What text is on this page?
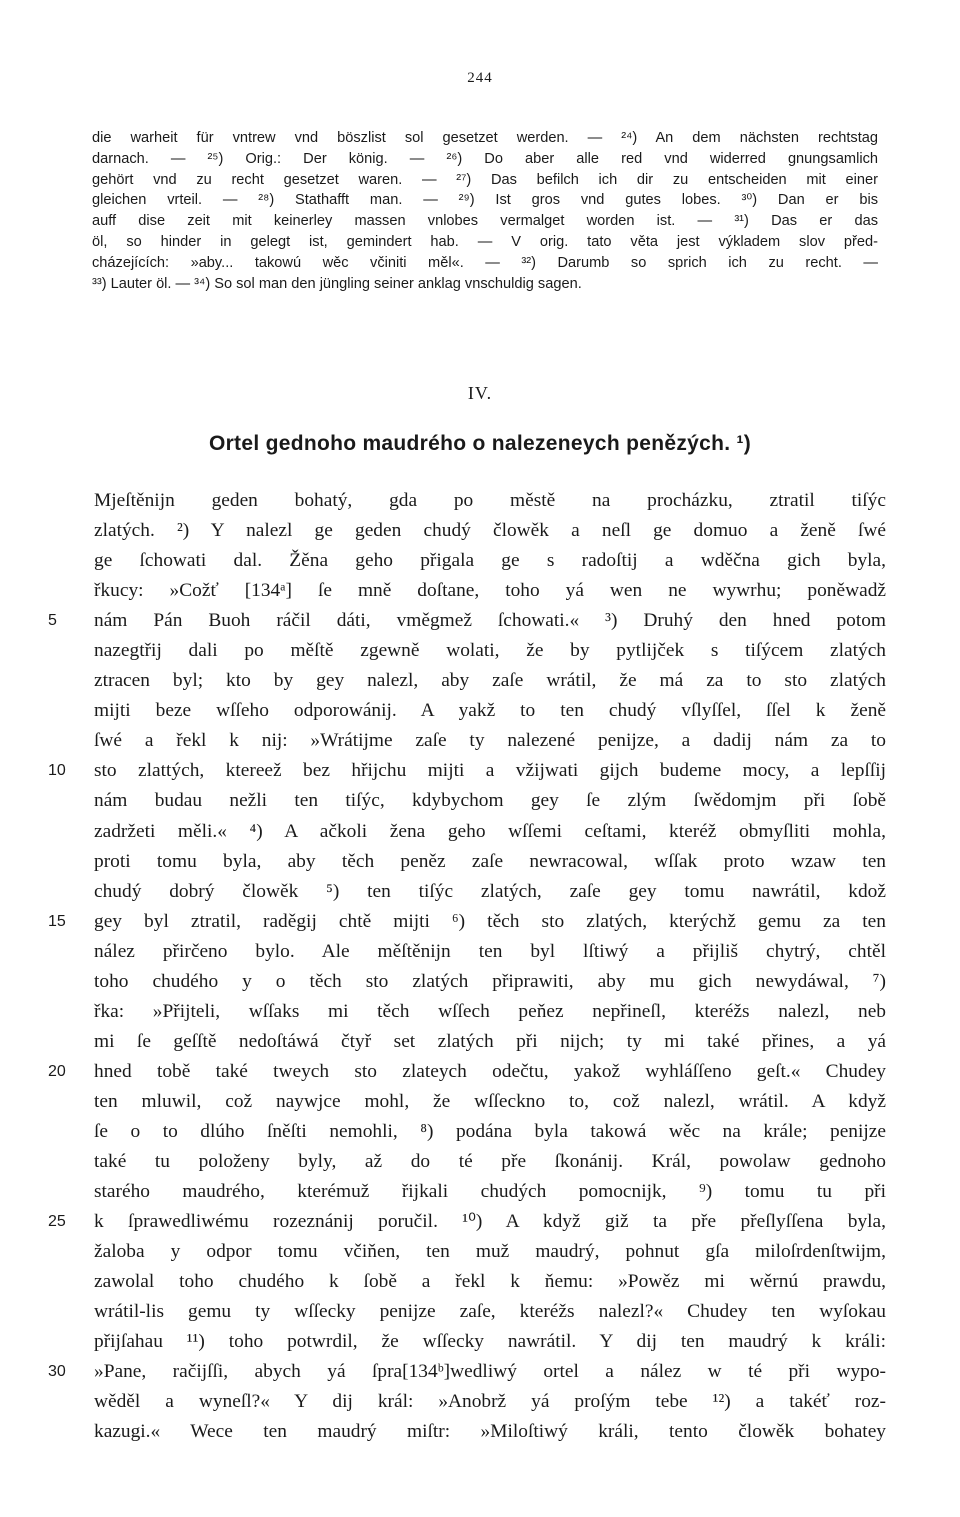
244
die warheit für vntrew vnd böszlist sol gesetzet werden. — ²⁴) An dem nächsten rechtstag
darnach. — ²⁵) Orig.: Der könig. — ²⁶) Do aber alle red vnd widerred gnungsamlich
gehört vnd zu recht gesetzet waren. — ²⁷) Das befilch ich dir zu entscheiden mit einer
gleichen vrteil. — ²⁸) Stathafft man. — ²⁹) Ist gros vnd gutes lobes. ³⁰) Dan er bis
auff dise zeit mit keinerley massen vnlobes vermalget worden ist. — ³¹) Das er das
öl, so hinder in gelegt ist, gemindert hab. — V orig. tato věta jest výkladem slov před-
cházejících: »aby... takowú wěc včiniti měl«. — ³²) Darumb so sprich ich zu recht. —
³³) Lauter öl. — ³⁴) So sol man den jüngling seiner anklag vnschuldig sagen.
IV.
Ortel gednoho maudrého o nalezeneych penězých. ¹)
Mjeſtěnijn geden bohatý, gda po městě na procházku, ztratil tiſýc
zlatých. ²) Y nalezl ge geden chudý člowěk a neſl ge domuo a ženě ſwé
ge ſchowati dal. Žěna geho přigala ge s radoſtij a wděčna gich byla,
řkucy: »Cožť [134ᵃ] ſe mně doſtane, toho yá wen ne wywrhu; poněwadž
5	nám Pán Buoh ráčil dáti, vměgmež ſchowati.« ³) Druhý den hned potom
nazegtřij dali po měſtě zgewně wolati, že by pytlijček s tiſýcem zlatých
ztracen byl; kto by gey nalezl, aby zaſe wrátil, že má za to sto zlatých
mijti beze wſſeho odporowánij. A yakž to ten chudý vſlyſſel, ſſel k ženě
ſwé a řekl k nij: »Wrátijme zaſe ty nalezené penijze, a dadij nám za to
10	sto zlattých, ktereež bez hřijchu mijti a vžijwati gijch budeme mocy, a lepſſij
nám budau nežli ten tiſýc, kdybychom gey ſe zlým ſwědomjm při ſobě
zadržeti měli.« ⁴) A ačkoli žena geho wſſemi ceſtami, kteréž obmyſliti mohla,
proti tomu byla, aby těch peněz zaſe newracowal, wſſak proto wzaw ten
chudý dobrý člowěk ⁵) ten tiſýc zlatých, zaſe gey tomu nawrátil, kdož
15	gey byl ztratil, raděgij chtě mijti ⁶) těch sto zlatých, kterýchž gemu za ten
nález přirčeno bylo. Ale měſtěnijn ten byl lſtiwý a přijliš chytrý, chtěl
toho chudého y o těch sto zlatých připrawiti, aby mu gich newydáwal, ⁷)
řka: »Přijteli, wſſaks mi těch wſſech peňez nepřineſl, kteréžs nalezl, neb
mi ſe geſſtě nedoſtáwá čtyř set zlatých při nijch; ty mi také přines, a yá
20	hned tobě také tweych sto zlateych odečtu, yakož wyhláſſeno geſt.« Chudey
ten mluwil, což naywjce mohl, že wſſeckno to, což nalezl, wrátil. A když
ſe o to dlúho ſněſti nemohli, ⁸) podána byla takowá wěc na krále; penijze
také tu položeny byly, až do té pře ſkonánij. Král, powolaw gednoho
starého maudrého, kterémuž řijkali chudých pomocnijk, ⁹) tomu tu při
25	k ſprawedliwému rozeznánij poručil. ¹⁰) A když giž ta pře přeſlyſſena byla,
žaloba y odpor tomu včiňen, ten muž maudrý, pohnut gſa miloſrdenſtwijm,
zawolal toho chudého k ſobě a řekl k ňemu: »Powěz mi wěrnú prawdu,
wrátil-lis gemu ty wſſecky penijze zaſe, kteréžs nalezl?« Chudey ten wyſokau
přijſahau ¹¹) toho potwrdil, že wſſecky nawrátil. Y dij ten maudrý k králi:
30	»Pane, račijſſi, abych yá ſpra[134ᵇ]wedliwý ortel a nález w té při wypo-
wěděl a wyneſl?« Y dij král: »Anobrž yá proſým tebe ¹²) a takéť roz-
kazugi.« Wece ten maudrý miſtr: »Miloſtiwý králi, tento člowěk bohatey
